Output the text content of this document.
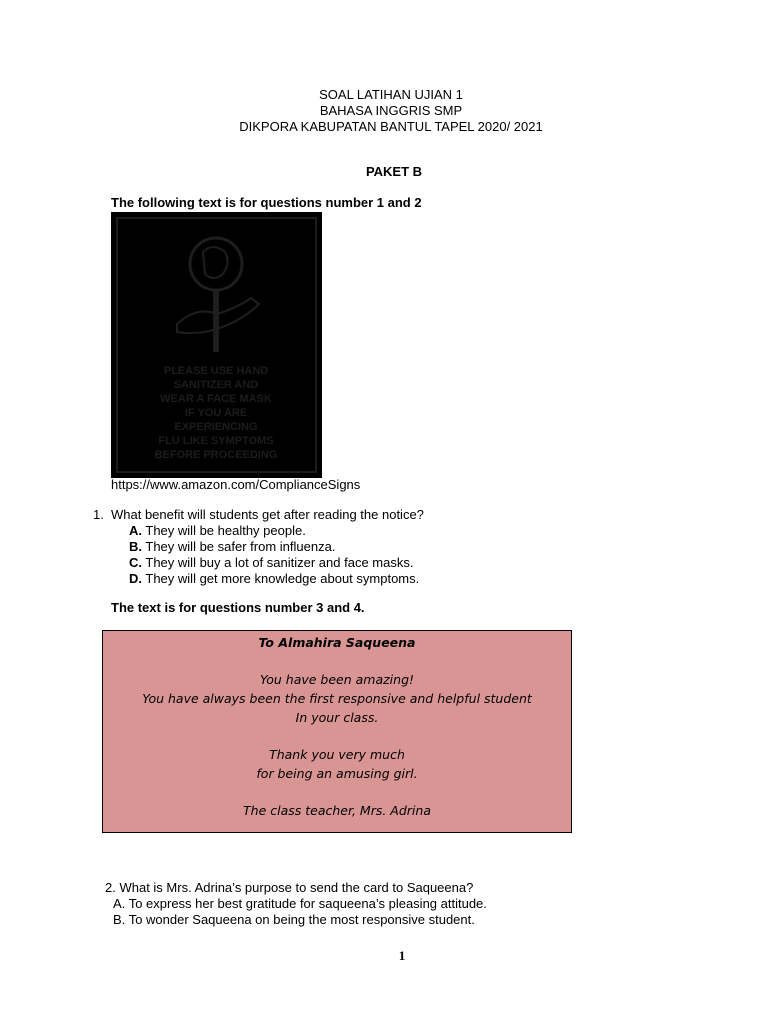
SOAL LATIHAN UJIAN 1
BAHASA INGGRIS SMP
DIKPORA KABUPATAN BANTUL TAPEL 2020/ 2021
PAKET B
The following text is for questions number 1 and 2
PLEASE USE HAND
SANITIZER AND
WEAR A FACE MASK
IF YOU ARE
EXPERIENCING
FLU LIKE SYMPTOMS
BEFORE PROCEEDING
https://www.amazon.com/ComplianceSigns
1. What benefit will students get after reading the notice?
A. They will be healthy people.
B. They will be safer from influenza.
C. They will buy a lot of sanitizer and face masks.
D. They will get more knowledge about symptoms.
The text is for questions number 3 and 4.
To Almahira Saqueena
You have been amazing!
You have always been the first responsive and helpful student
In your class.
Thank you very much
for being an amusing girl.
The class teacher, Mrs. Adrina
2. What is Mrs. Adrina’s purpose to send the card to Saqueena?
A. To express her best gratitude for saqueena’s pleasing attitude.
B. To wonder Saqueena on being the most responsive student.
1
